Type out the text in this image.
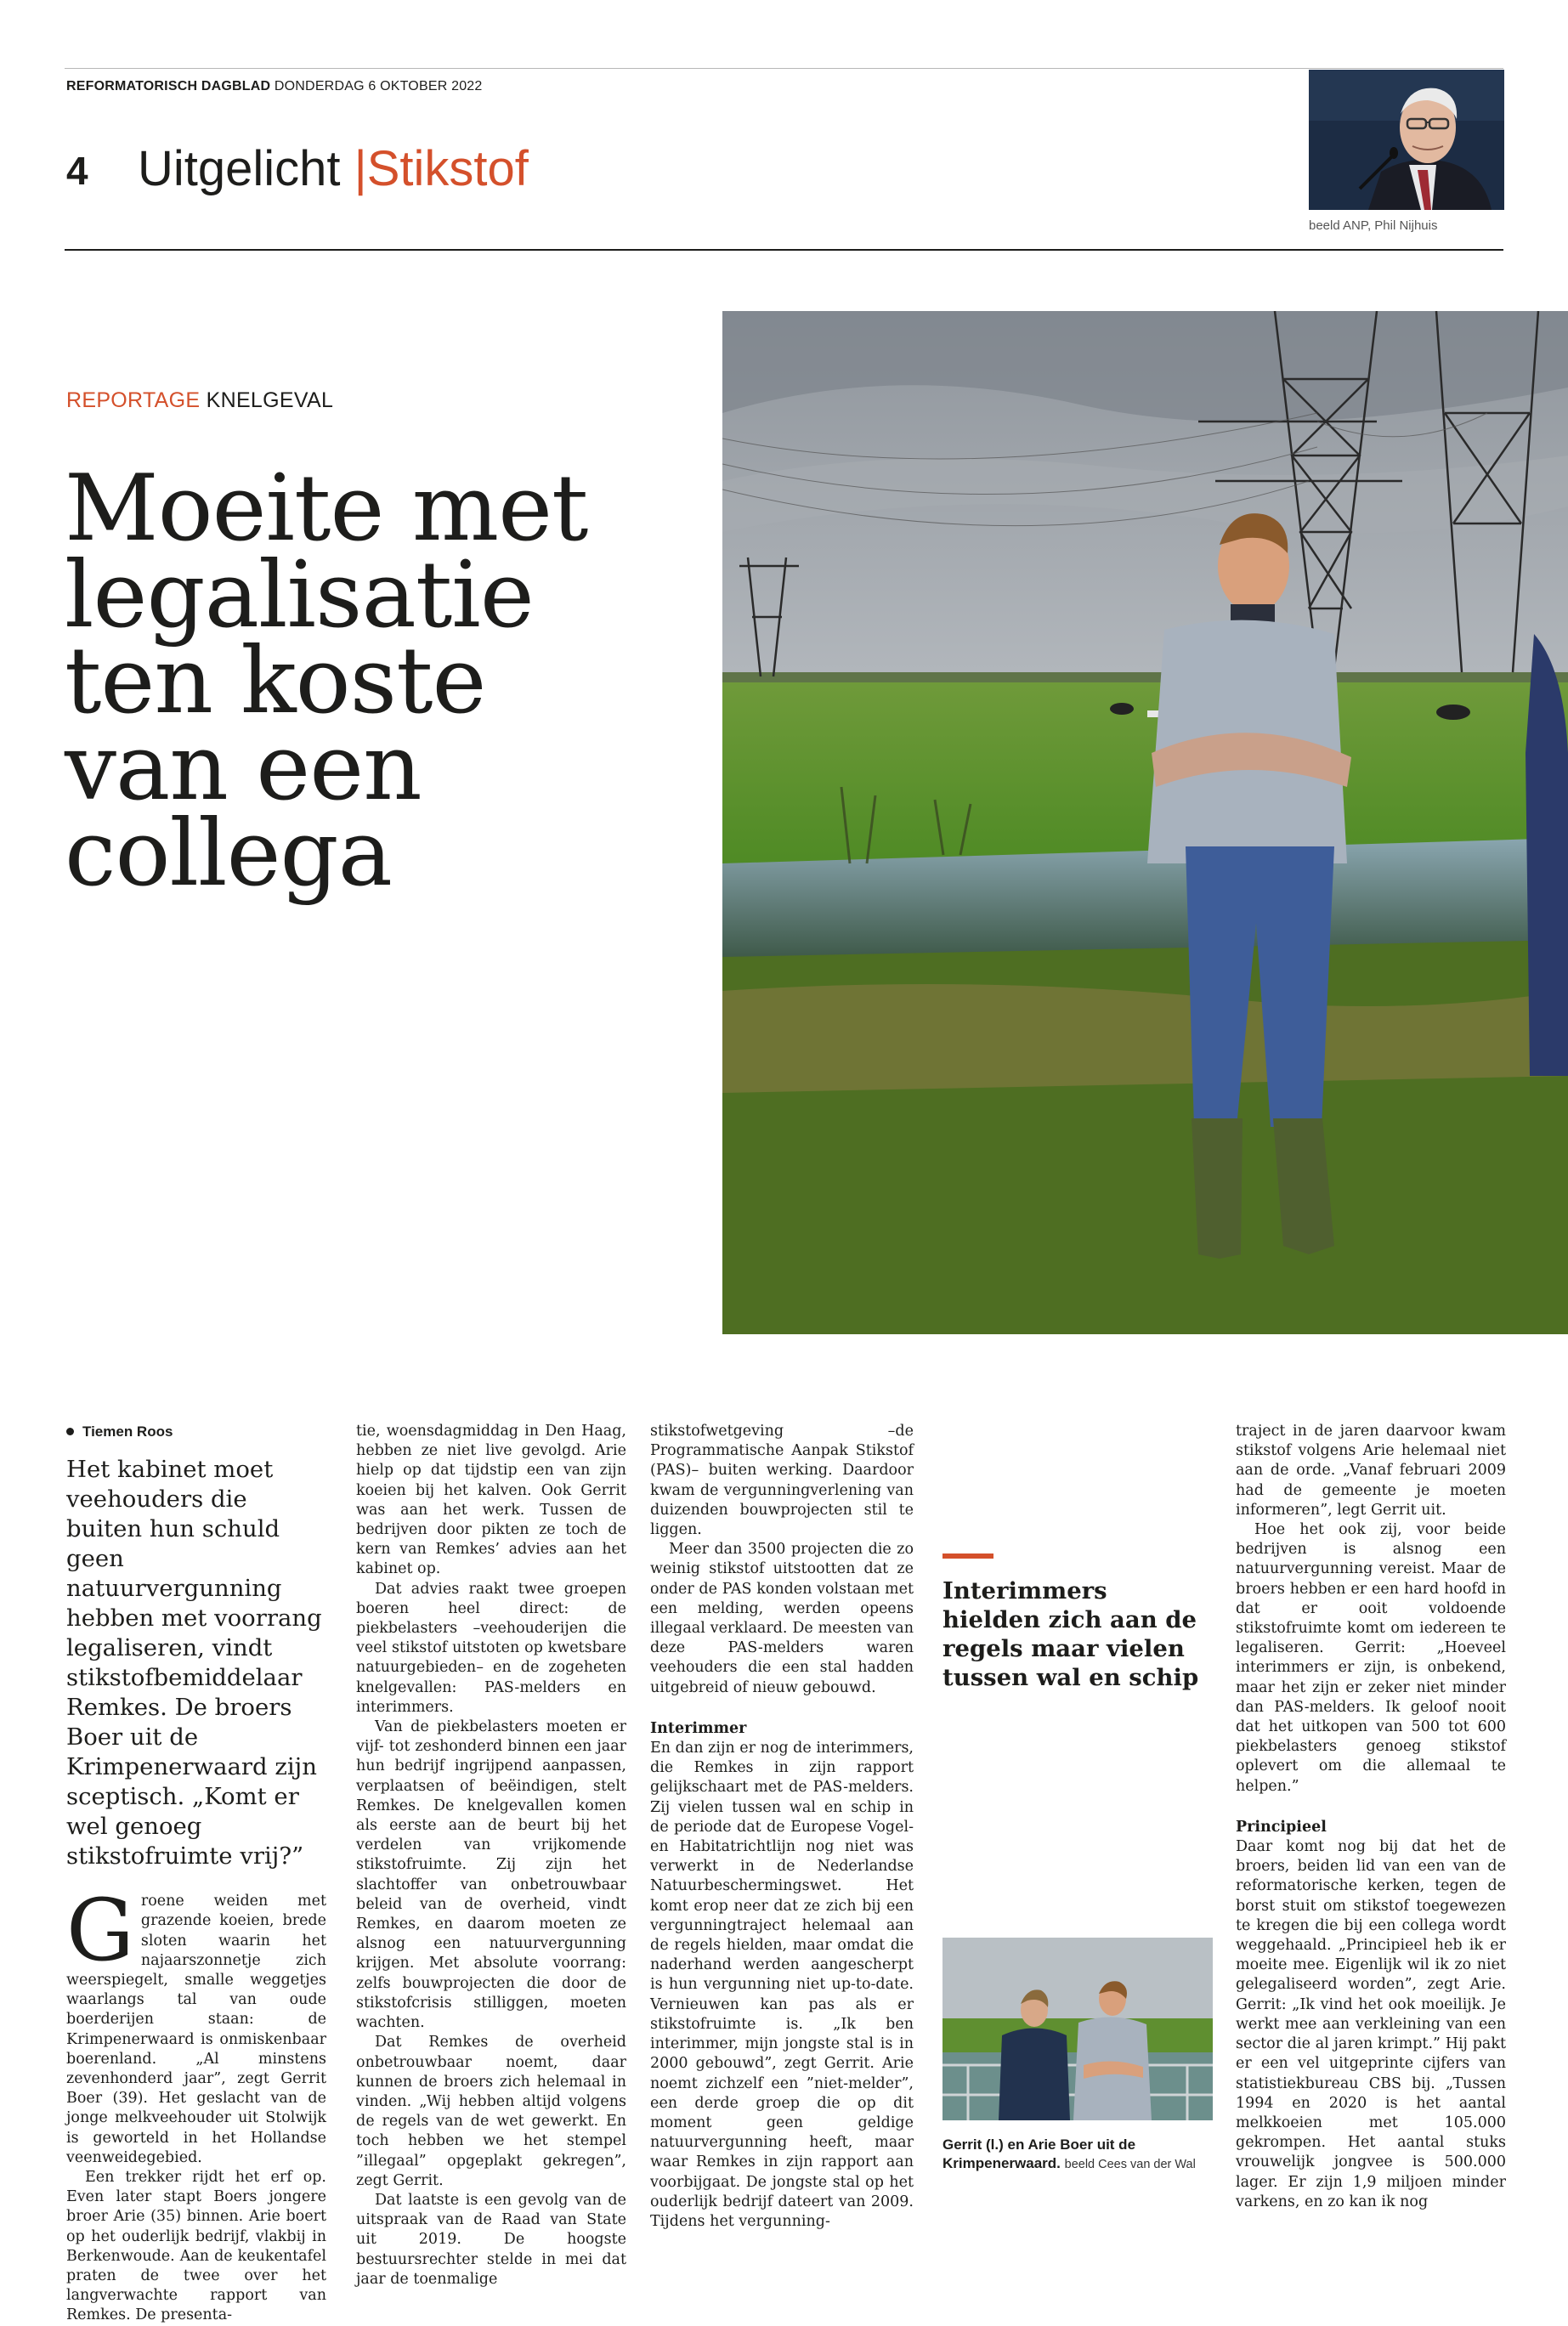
REFORMATORISCH DAGBLAD DONDERDAG 6 OKTOBER 2022
4 Uitgelicht |Stikstof
beeld ANP, Phil Nijhuis
REPORTAGE KNELGEVAL
Moeite met legalisatie ten koste van een collega
Tiemen Roos
Het kabinet moet veehouders die buiten hun schuld geen natuurvergunning hebben met voorrang legaliseren, vindt stikstofbemiddelaar Remkes. De broers Boer uit de Krimpenerwaard zijn sceptisch. „Komt er wel genoeg stikstofruimte vrij?”

Groene weiden met grazende koeien, brede sloten waarin het najaarszonnetje zich weerspiegelt, smalle weggetjes waarlangs tal van oude boerderijen staan: de Krimpenerwaard is onmiskenbaar boerenland. „Al minstens zevenhonderd jaar”, zegt Gerrit Boer (39). Het geslacht van de jonge melkveehouder uit Stolwijk is geworteld in het Hollandse veenweidegebied.

Een trekker rijdt het erf op. Even later stapt Boers jongere broer Arie (35) binnen. Arie boert op het ouderlijk bedrijf, vlakbij in Berkenwoude. Aan de keukentafel praten de twee over het langverwachte rapport van Remkes. De presenta-

tie, woensdagmiddag in Den Haag, hebben ze niet live gevolgd. Arie hielp op dat tijdstip een van zijn koeien bij het kalven. Ook Gerrit was aan het werk. Tussen de bedrijven door pikten ze toch de kern van Remkes’ advies aan het kabinet op.

Dat advies raakt twee groepen boeren heel direct: de piekbelasters –veehouderijen die veel stikstof uitstoten op kwetsbare natuurgebieden– en de zogeheten knelgevallen: PAS-melders en interimmers.

Van de piekbelasters moeten er vijf- tot zeshonderd binnen een jaar hun bedrijf ingrijpend aanpassen, verplaatsen of beëindigen, stelt Remkes. De knelgevallen komen als eerste aan de beurt bij het verdelen van vrijkomende stikstofruimte. Zij zijn het slachtoffer van onbetrouwbaar beleid van de overheid, vindt Remkes, en daarom moeten ze alsnog een natuurvergunning krijgen. Met absolute voorrang: zelfs bouwprojecten die door de stikstofcrisis stilliggen, moeten wachten.

Dat Remkes de overheid onbetrouwbaar noemt, daar kunnen de broers zich helemaal in vinden. „Wij hebben altijd volgens de regels van de wet gewerkt. En toch hebben we het stempel ”illegaal” opgeplakt gekregen”, zegt Gerrit.

Dat laatste is een gevolg van de uitspraak van de Raad van State uit 2019. De hoogste bestuursrechter stelde in mei dat jaar de toenmalige

stikstofwetgeving –de Programmatische Aanpak Stikstof (PAS)– buiten werking. Daardoor kwam de vergunningverlening van duizenden bouwprojecten stil te liggen.

Meer dan 3500 projecten die zo weinig stikstof uitstootten dat ze onder de PAS konden volstaan met een melding, werden opeens illegaal verklaard. De meesten van deze PAS-melders waren veehouders die een stal hadden uitgebreid of nieuw gebouwd.

Interimmer

En dan zijn er nog de interimmers, die Remkes in zijn rapport gelijkschaart met de PAS-melders. Zij vielen tussen wal en schip in de periode dat de Europese Vogel- en Habitatrichtlijn nog niet was verwerkt in de Nederlandse Natuurbeschermingswet. Het komt erop neer dat ze zich bij een vergunningtraject helemaal aan de regels hielden, maar omdat die naderhand werden aangescherpt is hun vergunning niet up-to-date. Vernieuwen kan pas als er stikstofruimte is. „Ik ben interimmer, mijn jongste stal is in 2000 gebouwd”, zegt Gerrit. Arie noemt zichzelf een ”niet-melder”, een derde groep die op dit moment geen geldige natuurvergunning heeft, maar waar Remkes in zijn rapport aan voorbijgaat. De jongste stal op het ouderlijk bedrijf dateert van 2009. Tijdens het vergunning-

Interimmers hielden zich aan de regels maar vielen tussen wal en schip

Gerrit (l.) en Arie Boer uit de Krimpenerwaard. beeld Cees van der Wal

traject in de jaren daarvoor kwam stikstof volgens Arie helemaal niet aan de orde. „Vanaf februari 2009 had de gemeente je moeten informeren”, legt Gerrit uit.

Hoe het ook zij, voor beide bedrijven is alsnog een natuurvergunning vereist. Maar de broers hebben er een hard hoofd in dat er ooit voldoende stikstofruimte komt om iedereen te legaliseren. Gerrit: „Hoeveel interimmers er zijn, is onbekend, maar het zijn er zeker niet minder dan PAS-melders. Ik geloof nooit dat het uitkopen van 500 tot 600 piekbelasters genoeg stikstof oplevert om die allemaal te helpen.”

Principieel

Daar komt nog bij dat het de broers, beiden lid van een van de reformatorische kerken, tegen de borst stuit om stikstof toegewezen te kregen die bij een collega wordt weggehaald. „Principieel heb ik er moeite mee. Eigenlijk wil ik zo niet gelegaliseerd worden”, zegt Arie. Gerrit: „Ik vind het ook moeilijk. Je werkt mee aan verkleining van een sector die al jaren krimpt.” Hij pakt er een vel uitgeprinte cijfers van statistiekbureau CBS bij. „Tussen 1994 en 2020 is het aantal melkkoeien met 105.000 gekrompen. Het aantal stuks vrouwelijk jongvee is 500.000 lager. Er zijn 1,9 miljoen minder varkens, en zo kan ik nog
